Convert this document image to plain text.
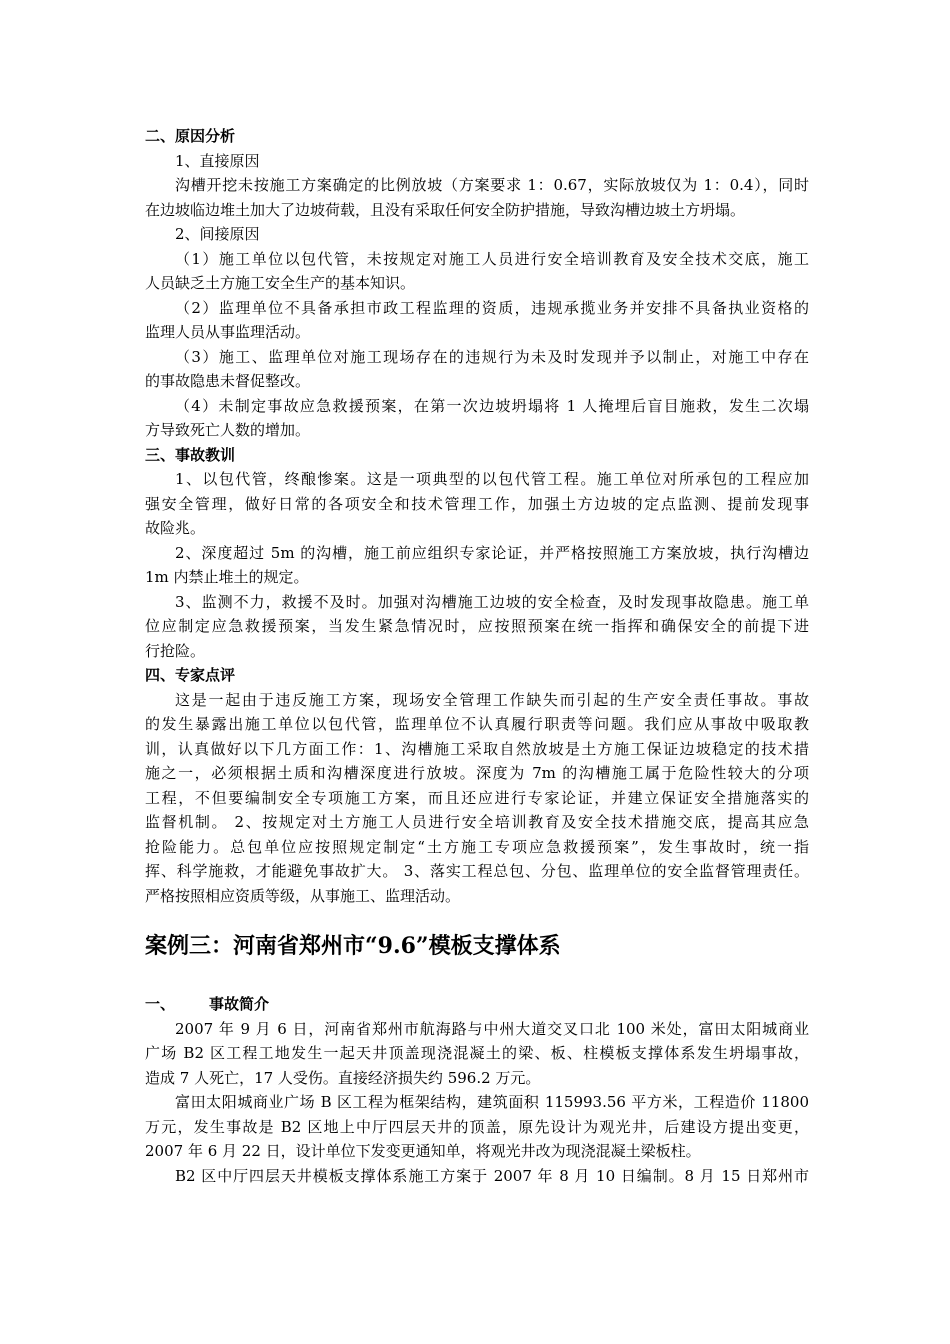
二、原因分析
1、直接原因
沟槽开挖未按施工方案确定的比例放坡（方案要求 1：0.67，实际放坡仅为 1：0.4），同时
在边坡临边堆土加大了边坡荷载，且没有采取任何安全防护措施，导致沟槽边坡土方坍塌。
2、间接原因
（1）施工单位以包代管，未按规定对施工人员进行安全培训教育及安全技术交底，施工
人员缺乏土方施工安全生产的基本知识。
（2）监理单位不具备承担市政工程监理的资质，违规承揽业务并安排不具备执业资格的
监理人员从事监理活动。
（3）施工、监理单位对施工现场存在的违规行为未及时发现并予以制止，对施工中存在
的事故隐患未督促整改。
（4）未制定事故应急救援预案，在第一次边坡坍塌将 1 人掩埋后盲目施救，发生二次塌
方导致死亡人数的增加。
三、事故教训
1、以包代管，终酿惨案。这是一项典型的以包代管工程。施工单位对所承包的工程应加
强安全管理，做好日常的各项安全和技术管理工作，加强土方边坡的定点监测、提前发现事
故险兆。
2、深度超过 5m 的沟槽，施工前应组织专家论证，并严格按照施工方案放坡，执行沟槽边
1m 内禁止堆土的规定。
3、监测不力，救援不及时。加强对沟槽施工边坡的安全检查，及时发现事故隐患。施工单
位应制定应急救援预案，当发生紧急情况时，应按照预案在统一指挥和确保安全的前提下进
行抢险。
四、专家点评
这是一起由于违反施工方案，现场安全管理工作缺失而引起的生产安全责任事故。事故
的发生暴露出施工单位以包代管，监理单位不认真履行职责等问题。我们应从事故中吸取教
训，认真做好以下几方面工作：1、沟槽施工采取自然放坡是土方施工保证边坡稳定的技术措
施之一，必须根据土质和沟槽深度进行放坡。深度为 7m 的沟槽施工属于危险性较大的分项
工程，不但要编制安全专项施工方案，而且还应进行专家论证，并建立保证安全措施落实的
监督机制。 2、按规定对土方施工人员进行安全培训教育及安全技术措施交底，提高其应急
抢险能力。总包单位应按照规定制定“土方施工专项应急救援预案”，发生事故时，统一指
挥、科学施救，才能避免事故扩大。 3、落实工程总包、分包、监理单位的安全监督管理责任。
严格按照相应资质等级，从事施工、监理活动。
案例三：河南省郑州市“9.6”模板支撑体系
一、	事故简介
2007 年 9 月 6 日，河南省郑州市航海路与中州大道交叉口北 100 米处，富田太阳城商业
广场 B2 区工程工地发生一起天井顶盖现浇混凝土的梁、板、柱模板支撑体系发生坍塌事故，
造成 7 人死亡，17 人受伤。直接经济损失约 596.2 万元。
富田太阳城商业广场 B 区工程为框架结构，建筑面积 115993.56 平方米，工程造价 11800
万元，发生事故是 B2 区地上中厅四层天井的顶盖，原先设计为观光井，后建设方提出变更，
2007 年 6 月 22 日，设计单位下发变更通知单，将观光井改为现浇混凝土梁板柱。
B2 区中厅四层天井模板支撑体系施工方案于 2007 年 8 月 10 日编制。8 月 15 日郑州市
